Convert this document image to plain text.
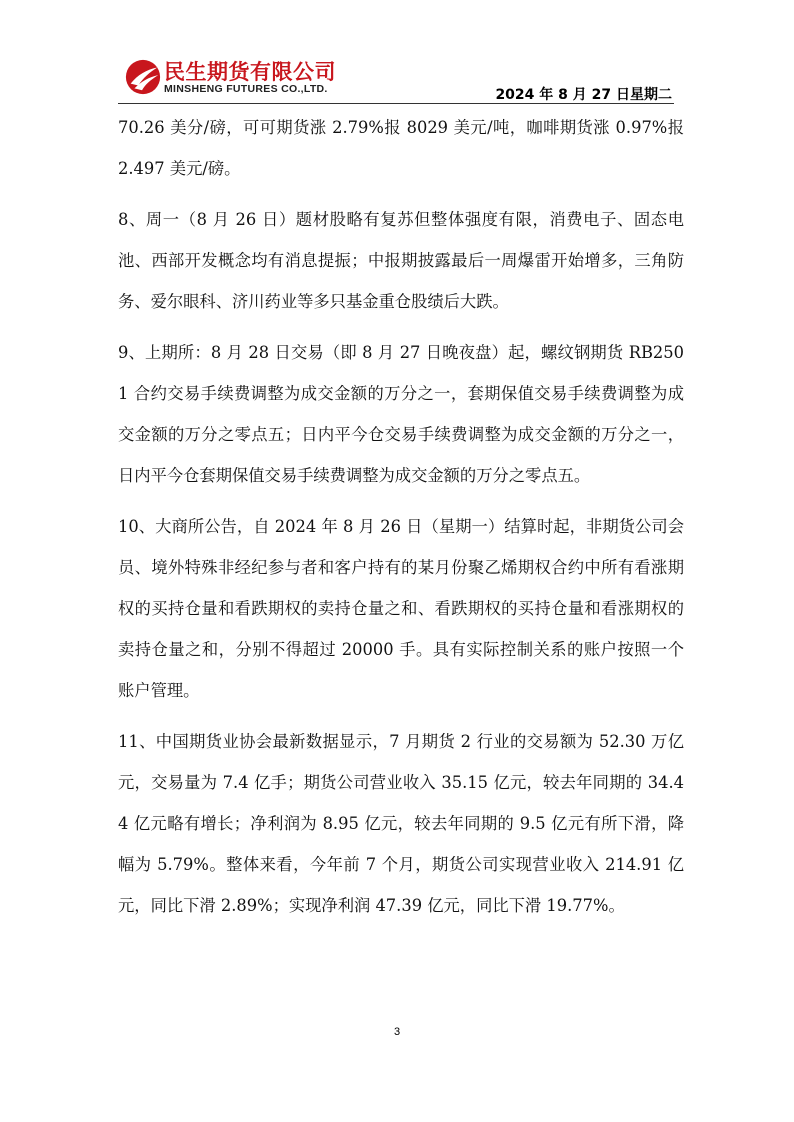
民生期货有限公司
MINSHENG FUTURES CO.,LTD.	2024 年 8 月 27 日星期二

70.26 美分/磅，可可期货涨 2.79%报 8029 美元/吨，咖啡期货涨 0.97%报 2.497 美元/磅。

8、周一（8 月 26 日）题材股略有复苏但整体强度有限，消费电子、固态电池、西部开发概念均有消息提振；中报期披露最后一周爆雷开始增多，三角防务、爱尔眼科、济川药业等多只基金重仓股绩后大跌。

9、上期所：8 月 28 日交易（即 8 月 27 日晚夜盘）起，螺纹钢期货 RB2501 合约交易手续费调整为成交金额的万分之一，套期保值交易手续费调整为成交金额的万分之零点五；日内平今仓交易手续费调整为成交金额的万分之一，日内平今仓套期保值交易手续费调整为成交金额的万分之零点五。

10、大商所公告，自 2024 年 8 月 26 日（星期一）结算时起，非期货公司会员、境外特殊非经纪参与者和客户持有的某月份聚乙烯期权合约中所有看涨期权的买持仓量和看跌期权的卖持仓量之和、看跌期权的买持仓量和看涨期权的卖持仓量之和，分别不得超过 20000 手。具有实际控制关系的账户按照一个账户管理。

11、中国期货业协会最新数据显示，7 月期货 2 行业的交易额为 52.30 万亿元，交易量为 7.4 亿手；期货公司营业收入 35.15 亿元，较去年同期的 34.44 亿元略有增长；净利润为 8.95 亿元，较去年同期的 9.5 亿元有所下滑，降幅为 5.79%。整体来看，今年前 7 个月，期货公司实现营业收入 214.91 亿元，同比下滑 2.89%；实现净利润 47.39 亿元，同比下滑 19.77%。

3
